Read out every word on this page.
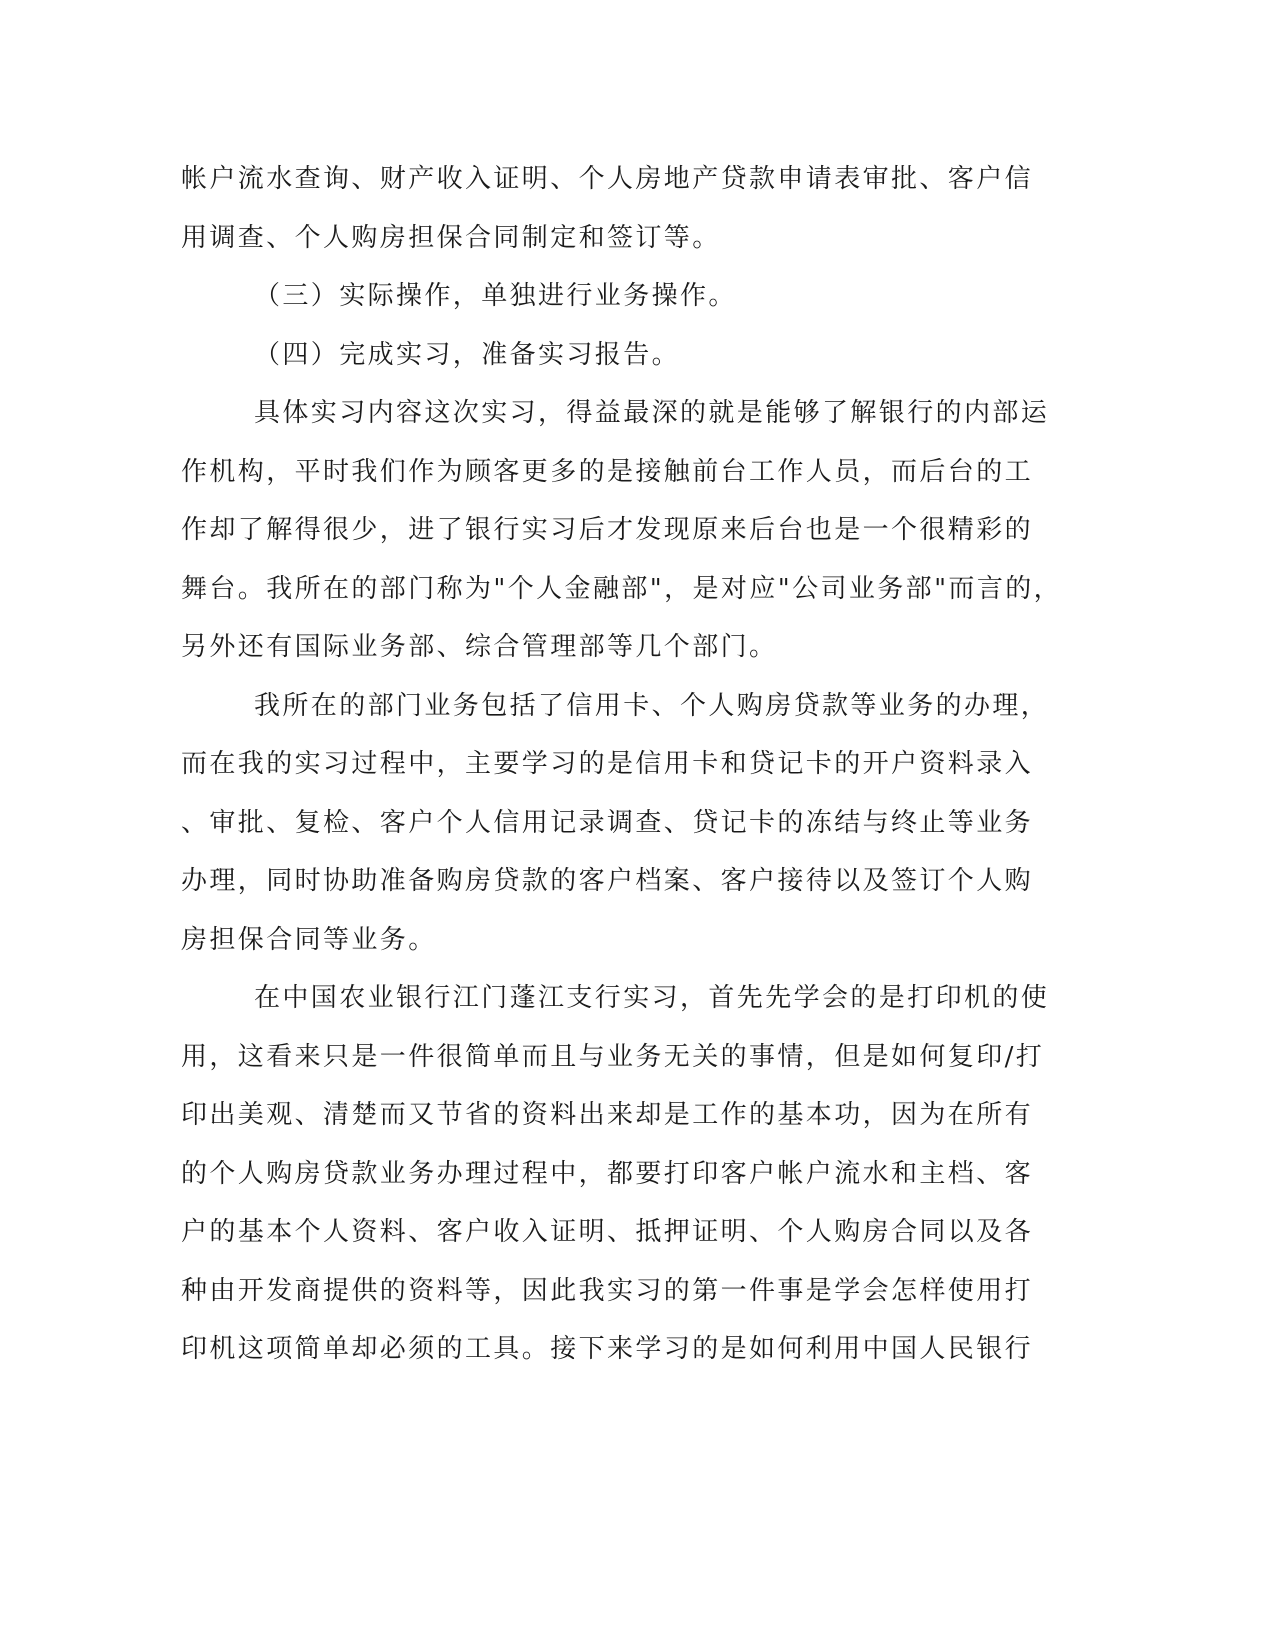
帐户流水查询、财产收入证明、个人房地产贷款申请表审批、客户信
用调查、个人购房担保合同制定和签订等。
（三）实际操作，单独进行业务操作。
（四）完成实习，准备实习报告。
具体实习内容这次实习，得益最深的就是能够了解银行的内部运
作机构，平时我们作为顾客更多的是接触前台工作人员，而后台的工
作却了解得很少，进了银行实习后才发现原来后台也是一个很精彩的
舞台。我所在的部门称为"个人金融部"，是对应"公司业务部"而言的，
另外还有国际业务部、综合管理部等几个部门。
我所在的部门业务包括了信用卡、个人购房贷款等业务的办理，
而在我的实习过程中，主要学习的是信用卡和贷记卡的开户资料录入
、审批、复检、客户个人信用记录调查、贷记卡的冻结与终止等业务
办理，同时协助准备购房贷款的客户档案、客户接待以及签订个人购
房担保合同等业务。
在中国农业银行江门蓬江支行实习，首先先学会的是打印机的使
用，这看来只是一件很简单而且与业务无关的事情，但是如何复印/打
印出美观、清楚而又节省的资料出来却是工作的基本功，因为在所有
的个人购房贷款业务办理过程中，都要打印客户帐户流水和主档、客
户的基本个人资料、客户收入证明、抵押证明、个人购房合同以及各
种由开发商提供的资料等，因此我实习的第一件事是学会怎样使用打
印机这项简单却必须的工具。接下来学习的是如何利用中国人民银行
